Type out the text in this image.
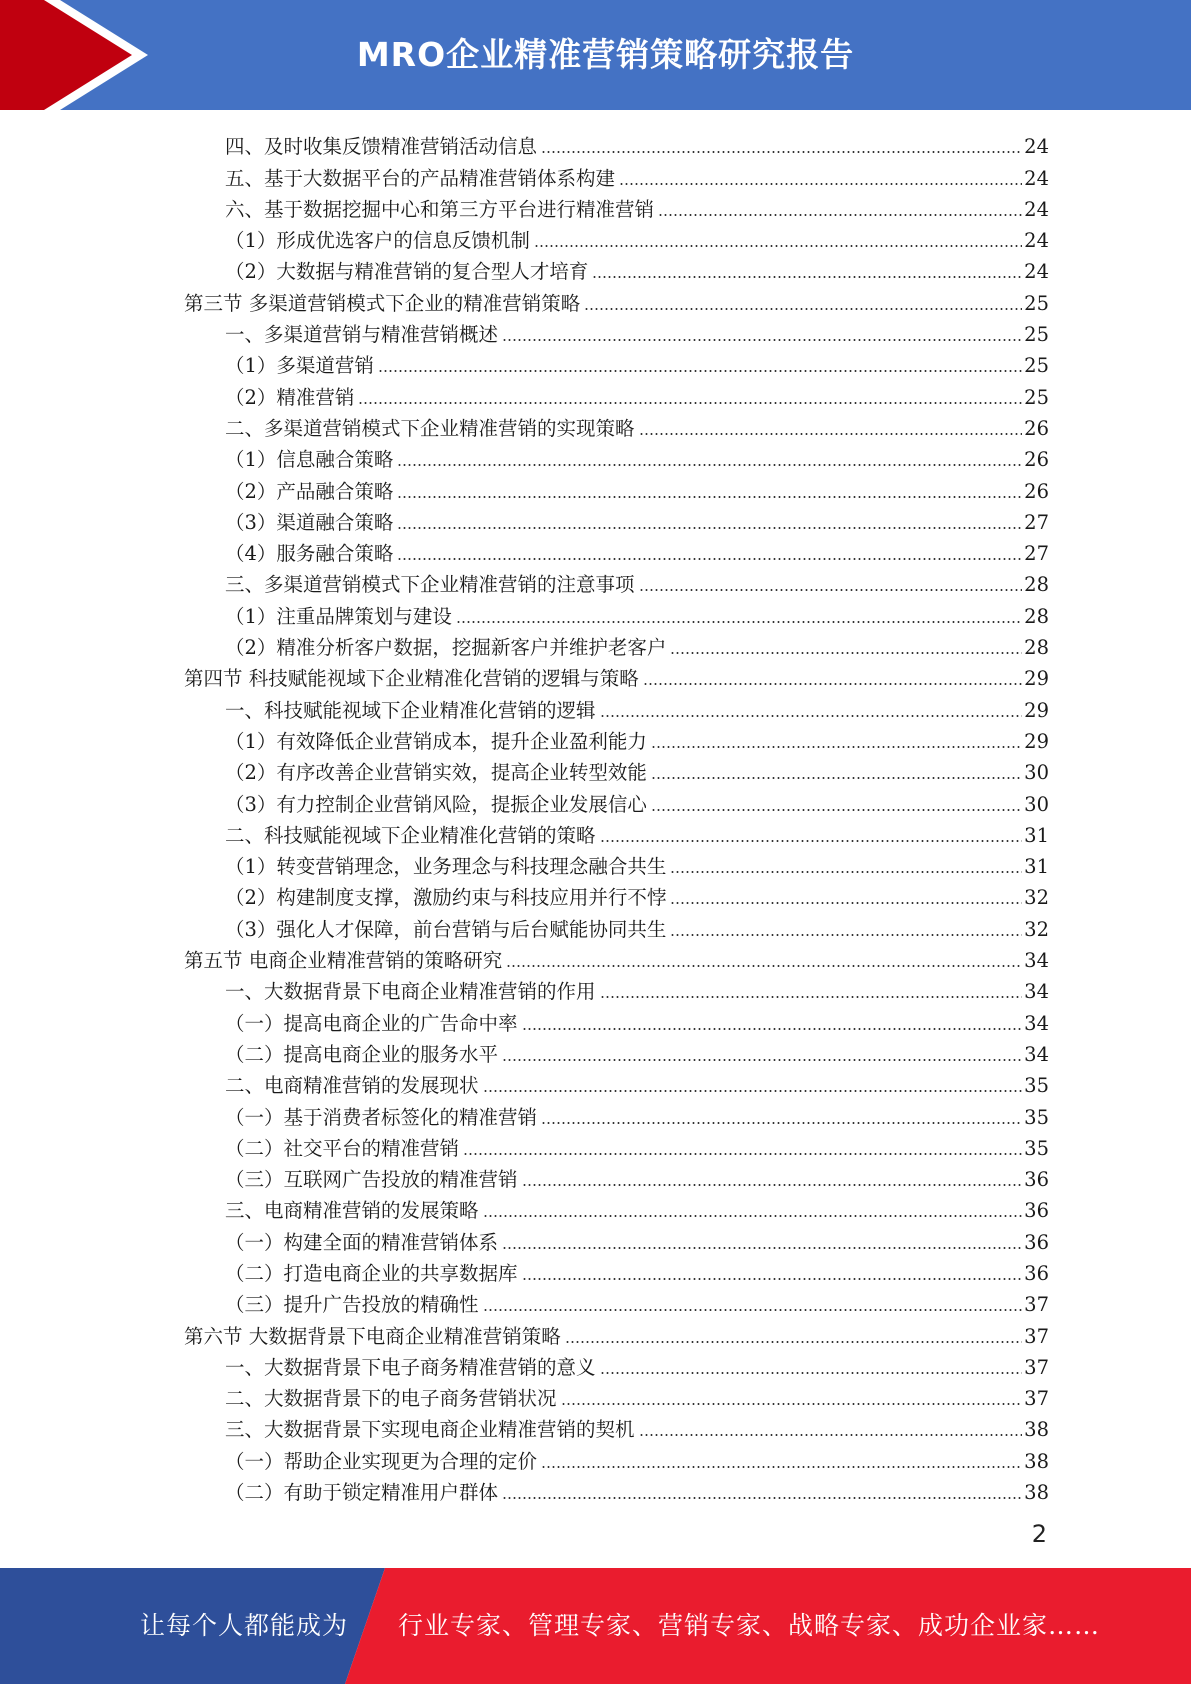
MRO企业精准营销策略研究报告
四、及时收集反馈精准营销活动信息	24
五、基于大数据平台的产品精准营销体系构建	24
六、基于数据挖掘中心和第三方平台进行精准营销	24
（1）形成优选客户的信息反馈机制	24
（2）大数据与精准营销的复合型人才培育	24
第三节 多渠道营销模式下企业的精准营销策略	25
一、多渠道营销与精准营销概述	25
（1）多渠道营销	25
（2）精准营销	25
二、多渠道营销模式下企业精准营销的实现策略	26
（1）信息融合策略	26
（2）产品融合策略	26
（3）渠道融合策略	27
（4）服务融合策略	27
三、多渠道营销模式下企业精准营销的注意事项	28
（1）注重品牌策划与建设	28
（2）精准分析客户数据，挖掘新客户并维护老客户	28
第四节 科技赋能视域下企业精准化营销的逻辑与策略	29
一、科技赋能视域下企业精准化营销的逻辑	29
（1）有效降低企业营销成本，提升企业盈利能力	29
（2）有序改善企业营销实效，提高企业转型效能	30
（3）有力控制企业营销风险，提振企业发展信心	30
二、科技赋能视域下企业精准化营销的策略	31
（1）转变营销理念，业务理念与科技理念融合共生	31
（2）构建制度支撑，激励约束与科技应用并行不悖	32
（3）强化人才保障，前台营销与后台赋能协同共生	32
第五节 电商企业精准营销的策略研究	34
一、大数据背景下电商企业精准营销的作用	34
（一）提高电商企业的广告命中率	34
（二）提高电商企业的服务水平	34
二、电商精准营销的发展现状	35
（一）基于消费者标签化的精准营销	35
（二）社交平台的精准营销	35
（三）互联网广告投放的精准营销	36
三、电商精准营销的发展策略	36
（一）构建全面的精准营销体系	36
（二）打造电商企业的共享数据库	36
（三）提升广告投放的精确性	37
第六节 大数据背景下电商企业精准营销策略	37
一、大数据背景下电子商务精准营销的意义	37
二、大数据背景下的电子商务营销状况	37
三、大数据背景下实现电商企业精准营销的契机	38
（一）帮助企业实现更为合理的定价	38
（二）有助于锁定精准用户群体	38
2
让每个人都能成为 行业专家、管理专家、营销专家、战略专家、成功企业家……
